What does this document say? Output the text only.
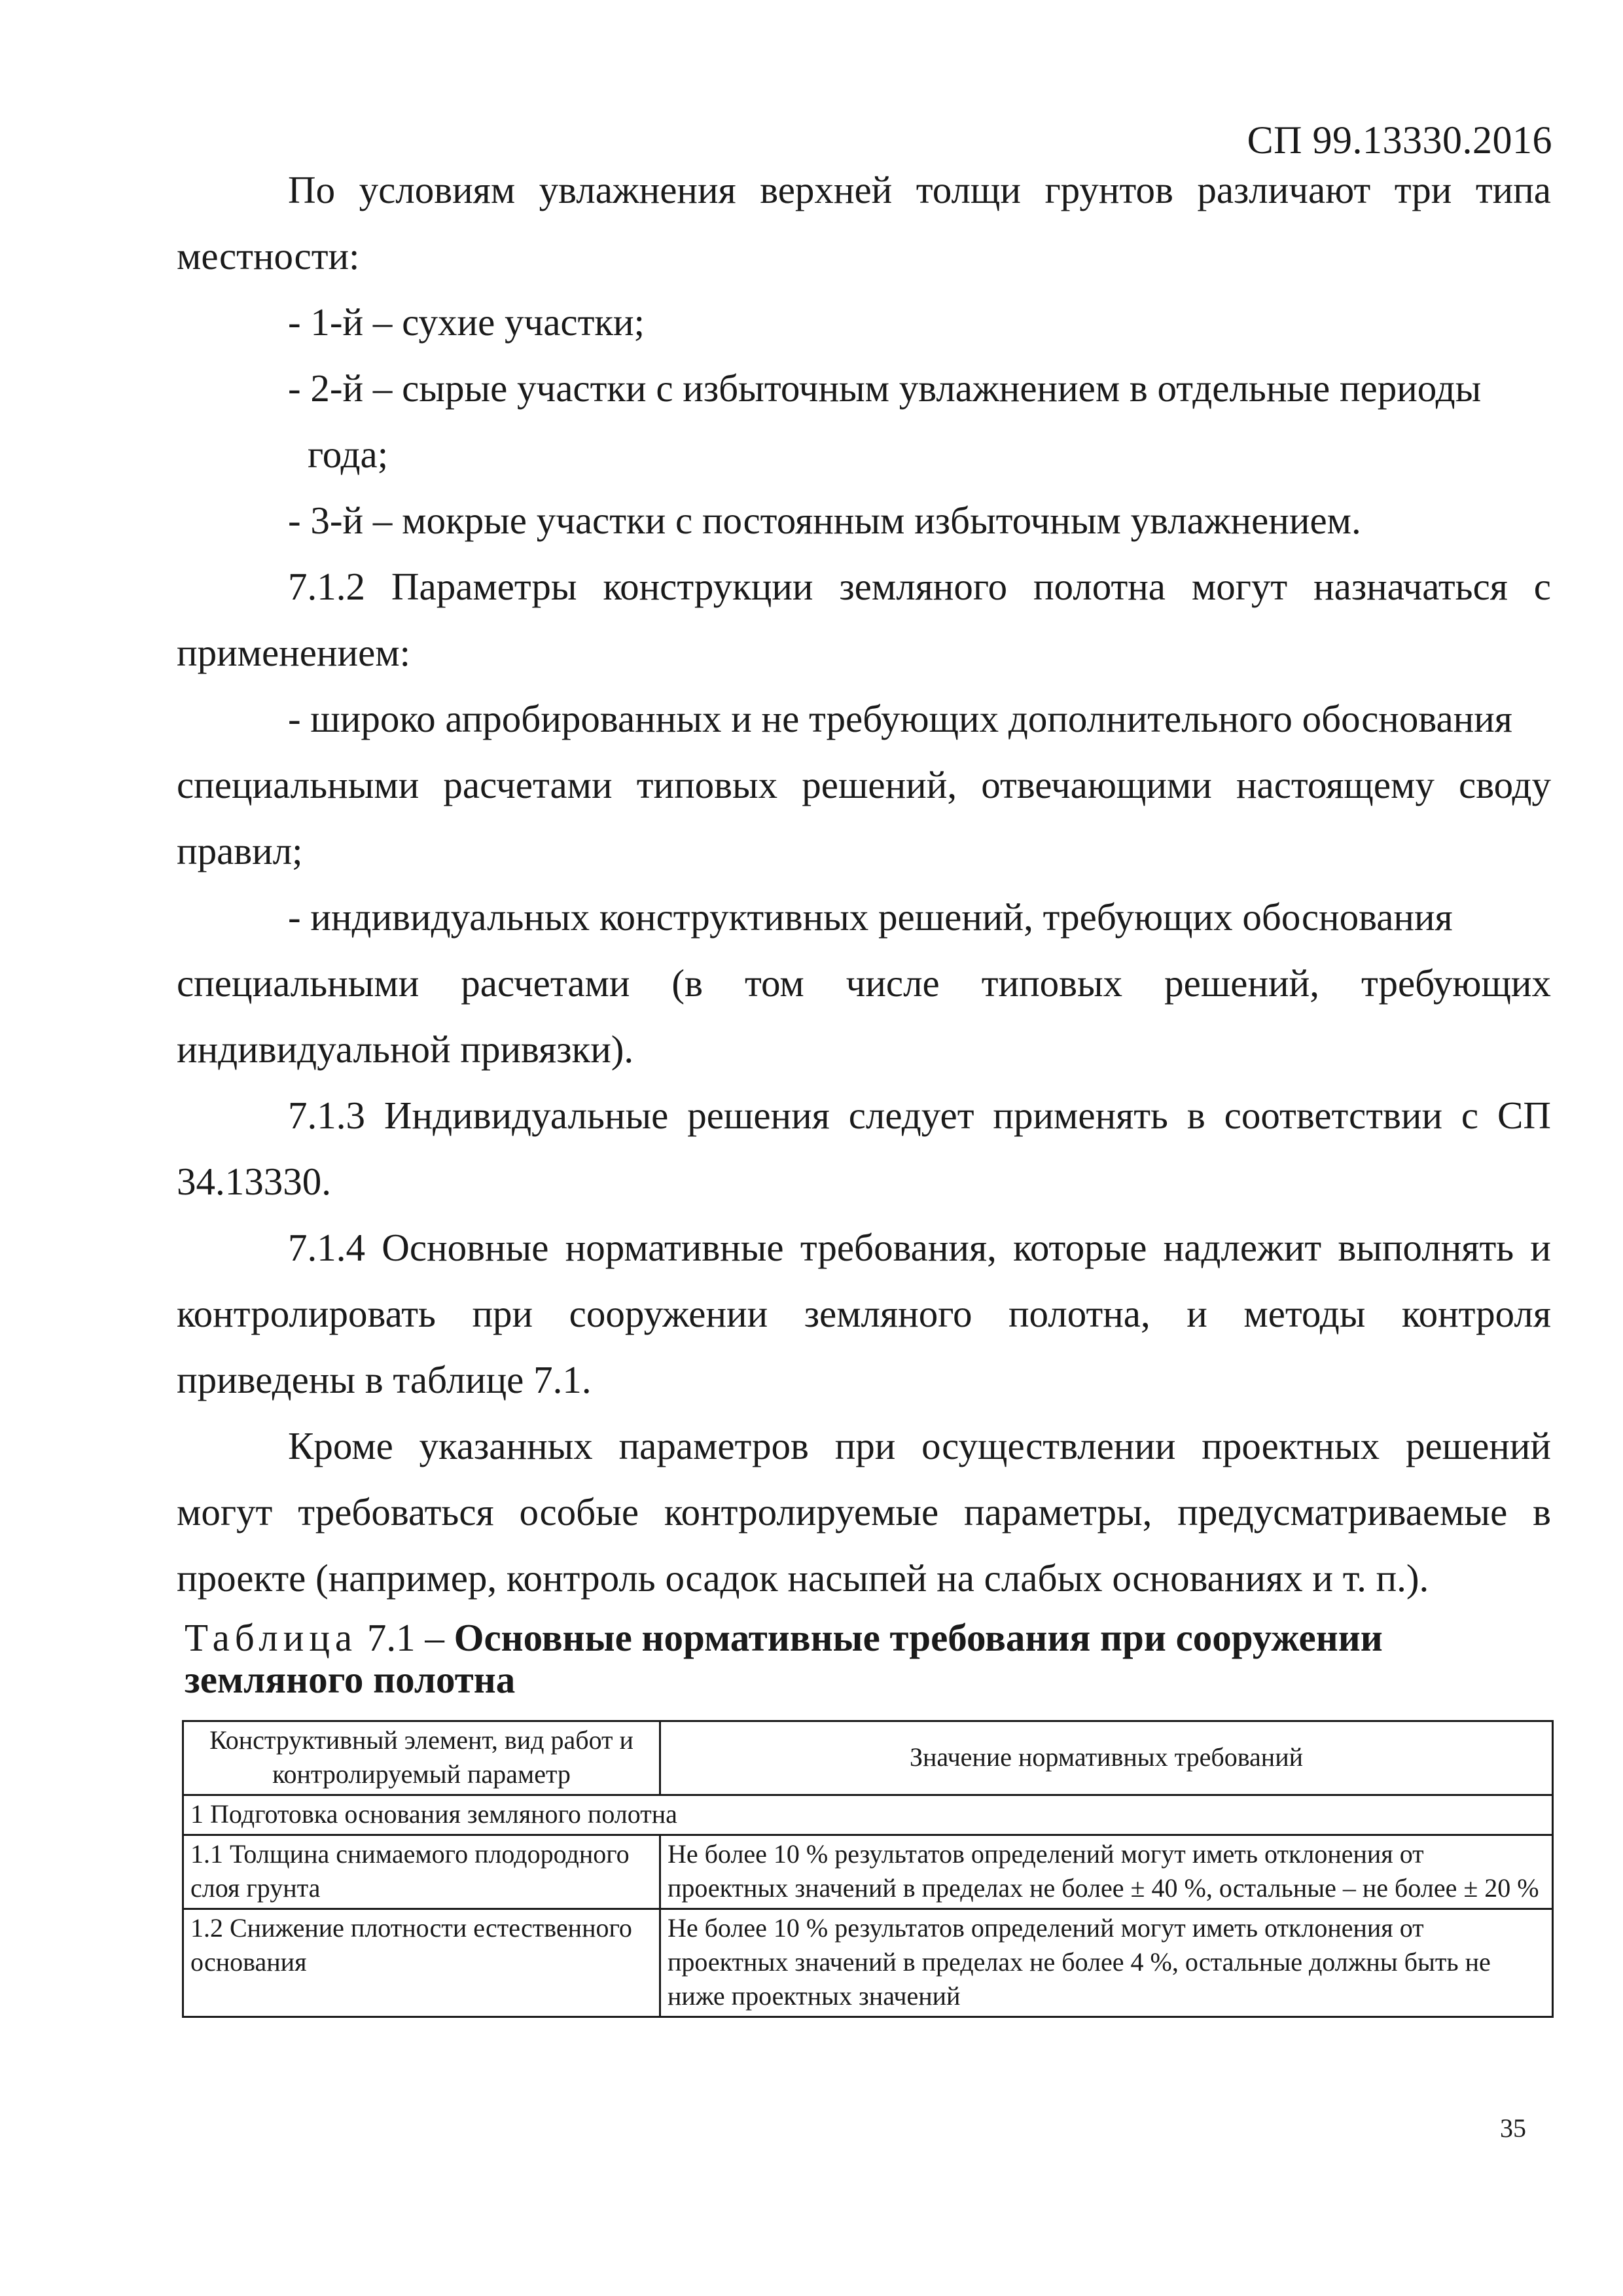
СП 99.13330.2016

По условиям увлажнения верхней толщи грунтов различают три типа местности:

- 1-й – сухие участки;

- 2-й – сырые участки с избыточным увлажнением в отдельные периоды

года;

- 3-й – мокрые участки с постоянным избыточным увлажнением.

7.1.2 Параметры конструкции земляного полотна могут назначаться с применением:

- широко апробированных и не требующих дополнительного обоснования

специальными расчетами типовых решений, отвечающими настоящему своду правил;

- индивидуальных конструктивных решений, требующих обоснования

специальными расчетами (в том числе типовых решений, требующих индивидуальной привязки).

7.1.3 Индивидуальные решения следует применять в соответствии с СП 34.13330.

7.1.4 Основные нормативные требования, которые надлежит выполнять и контролировать при сооружении земляного полотна, и методы контроля приведены в таблице 7.1.

Кроме указанных параметров при осуществлении проектных решений могут требоваться особые контролируемые параметры, предусматриваемые в проекте (например, контроль осадок насыпей на слабых основаниях и т. п.).

Таблица 7.1 – Основные нормативные требования при сооружении земляного полотна
Конструктивный элемент, вид работ и контролируемый параметр	Значение нормативных требований
1 Подготовка основания земляного полотна	
1.1 Толщина снимаемого плодородного слоя грунта	Не более 10 % результатов определений могут иметь отклонения от проектных значений в пределах не более ± 40 %, остальные – не более ± 20 %
1.2 Снижение плотности естественного основания	Не более 10 % результатов определений могут иметь отклонения от проектных значений в пределах не более 4 %, остальные должны быть не ниже проектных значений
35
